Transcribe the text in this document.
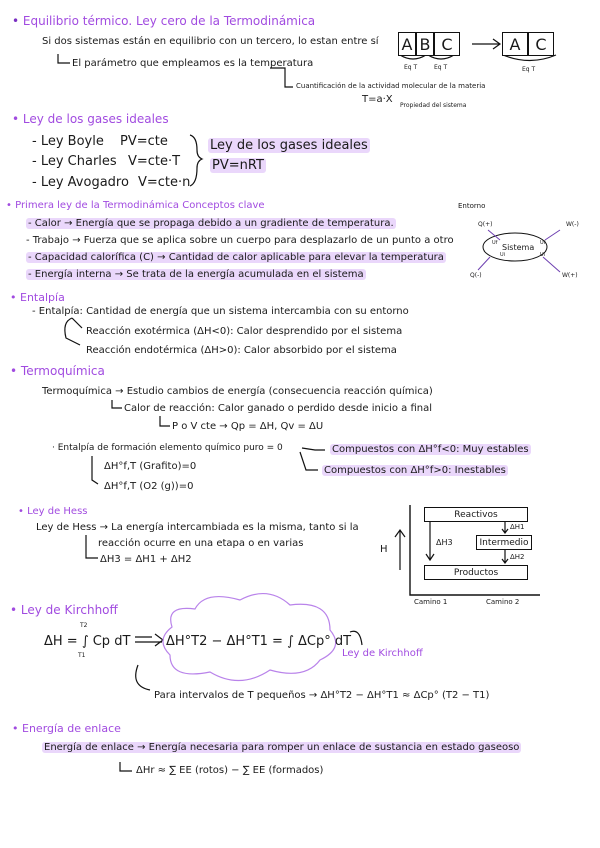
• Equilibrio térmico. Ley cero de la Termodinámica
Si dos sistemas están en equilibrio con un tercero, lo estan entre sí
El parámetro que empleamos es la temperatura
Cuantificación de la actividad molecular de la materia
T=a·X
Propiedad del sistema
A B C	A C
Eq T	Eq T	Eq T
• Ley de los gases ideales
- Ley Boyle PV=cte
- Ley Charles V=cte·T
- Ley Avogadro V=cte·n
Ley de los gases ideales
PV=nRT
• Primera ley de la Termodinámica Conceptos clave
- Calor → Energía que se propaga debido a un gradiente de temperatura.
- Trabajo → Fuerza que se aplica sobre un cuerpo para desplazarlo de un punto a otro
- Capacidad calorífica (C) → Cantidad de calor aplicable para elevar la temperatura
- Energía interna → Se trata de la energía acumulada en el sistema
Entorno
Sistema
Q(+)	W(-)
Q(-)	W(+)
Uf	Uf
Ui	Ui
• Entalpía
- Entalpía: Cantidad de energía que un sistema intercambia con su entorno
Reacción exotérmica (ΔH<0): Calor desprendido por el sistema
Reacción endotérmica (ΔH>0): Calor absorbido por el sistema
• Termoquímica
Termoquímica → Estudio cambios de energía (consecuencia reacción química)
Calor de reacción: Calor ganado o perdido desde inicio a final
P o V cte → Qp = ΔH, Qv = ΔU
· Entalpía de formación elemento químico puro = 0
ΔH°f,T (Grafito)=0
ΔH°f,T (O2 (g))=0
Compuestos con ΔH°f<0: Muy estables
Compuestos con ΔH°f>0: Inestables
• Ley de Hess
Ley de Hess → La energía intercambiada es la misma, tanto si la
reacción ocurre en una etapa o en varias
ΔH3 = ΔH1 + ΔH2
Reactivos
Intermedio
Productos
ΔH1
ΔH2
ΔH3
H
Camino 1	Camino 2
• Ley de Kirchhoff
ΔH = ∫ Cp dT
T2
T1
ΔH°T2 − ΔH°T1 = ∫ ΔCp° dT
Ley de Kirchhoff
Para intervalos de T pequeños → ΔH°T2 − ΔH°T1 ≈ ΔCp° (T2 − T1)
• Energía de enlace
Energía de enlace → Energía necesaria para romper un enlace de sustancia en estado gaseoso
ΔHr ≈ ∑ EE (rotos) − ∑ EE (formados)
